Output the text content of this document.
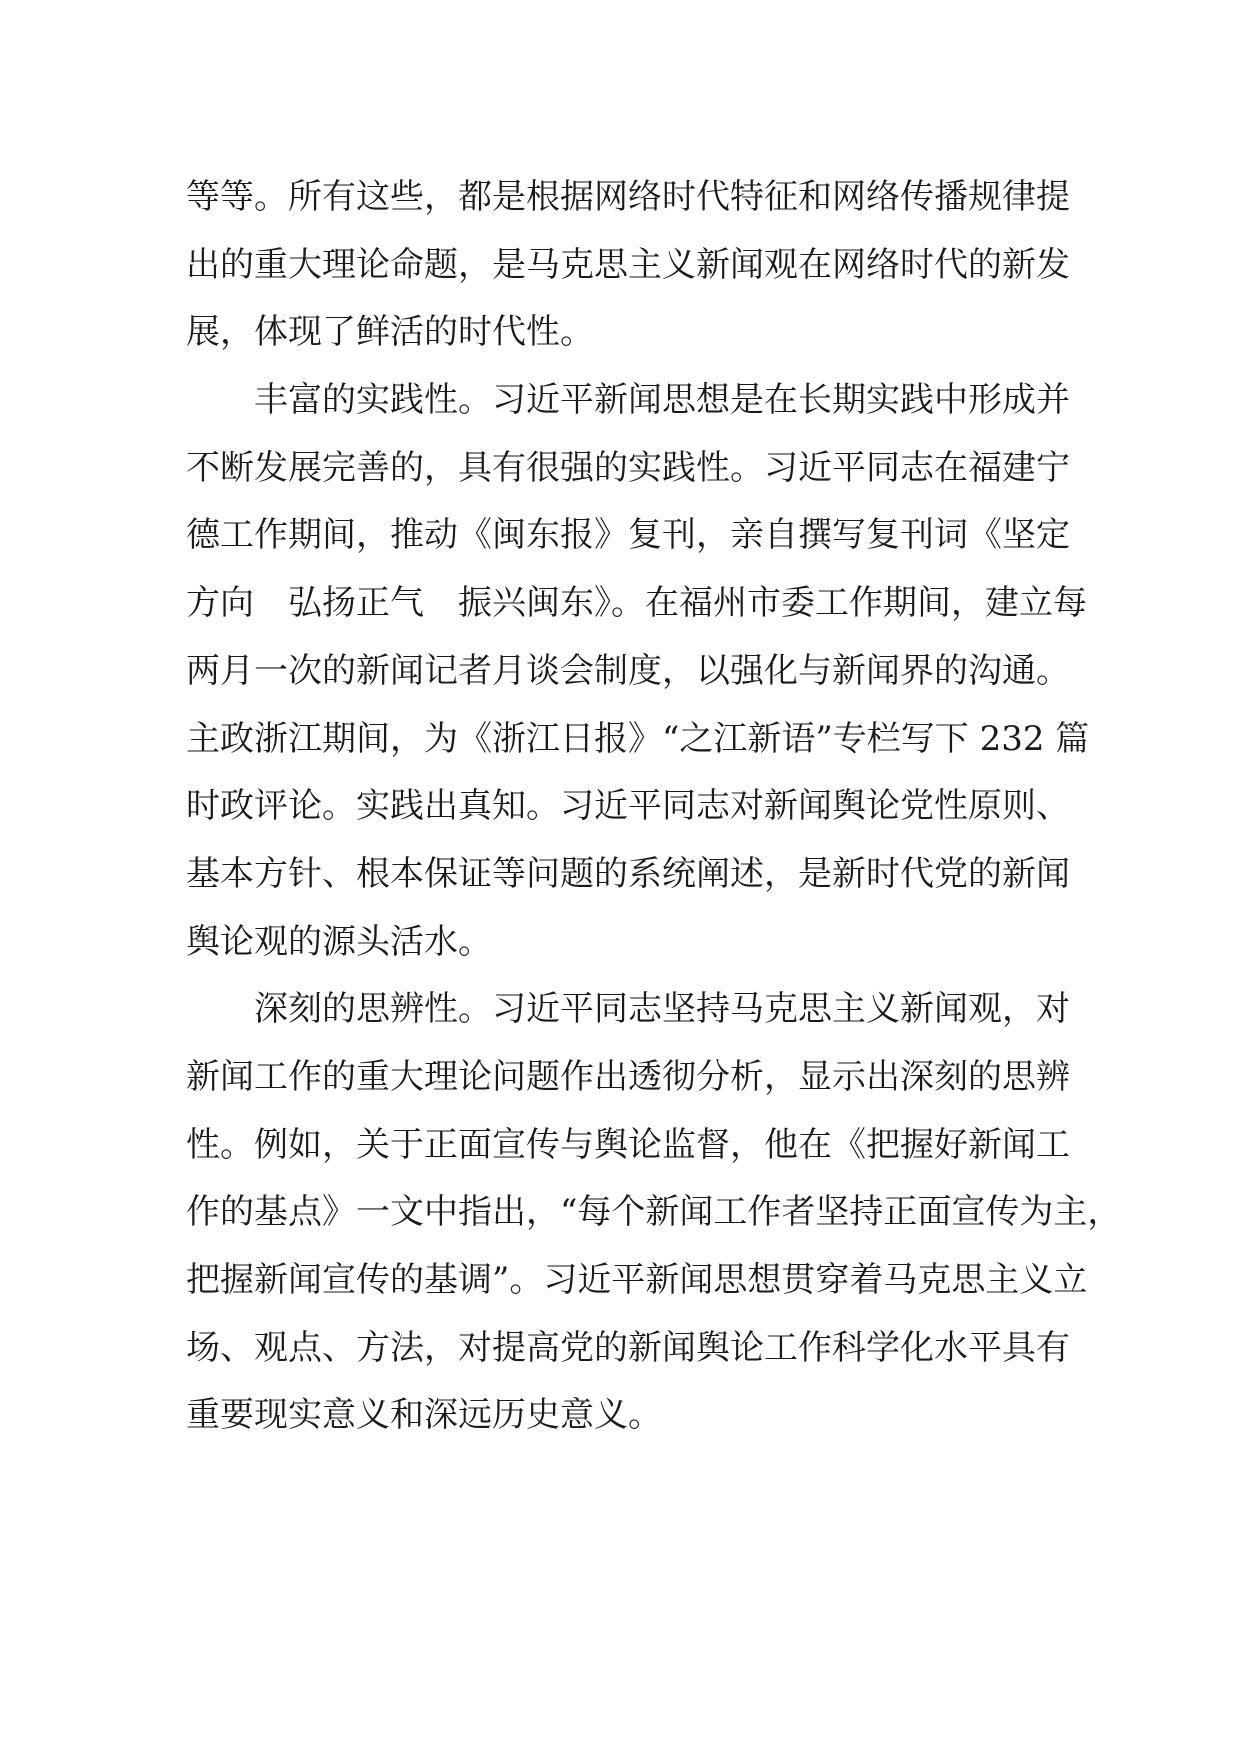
等等。所有这些，都是根据网络时代特征和网络传播规律提
出的重大理论命题，是马克思主义新闻观在网络时代的新发
展，体现了鲜活的时代性。
丰富的实践性。习近平新闻思想是在长期实践中形成并
不断发展完善的，具有很强的实践性。习近平同志在福建宁
德工作期间，推动《闽东报》复刊，亲自撰写复刊词《坚定
方向　弘扬正气　振兴闽东》。在福州市委工作期间，建立每
两月一次的新闻记者月谈会制度，以强化与新闻界的沟通。
主政浙江期间，为《浙江日报》“之江新语”专栏写下 232 篇
时政评论。实践出真知。习近平同志对新闻舆论党性原则、
基本方针、根本保证等问题的系统阐述，是新时代党的新闻
舆论观的源头活水。
深刻的思辨性。习近平同志坚持马克思主义新闻观，对
新闻工作的重大理论问题作出透彻分析，显示出深刻的思辨
性。例如，关于正面宣传与舆论监督，他在《把握好新闻工
作的基点》一文中指出，“每个新闻工作者坚持正面宣传为主，
把握新闻宣传的基调”。习近平新闻思想贯穿着马克思主义立
场、观点、方法，对提高党的新闻舆论工作科学化水平具有
重要现实意义和深远历史意义。
